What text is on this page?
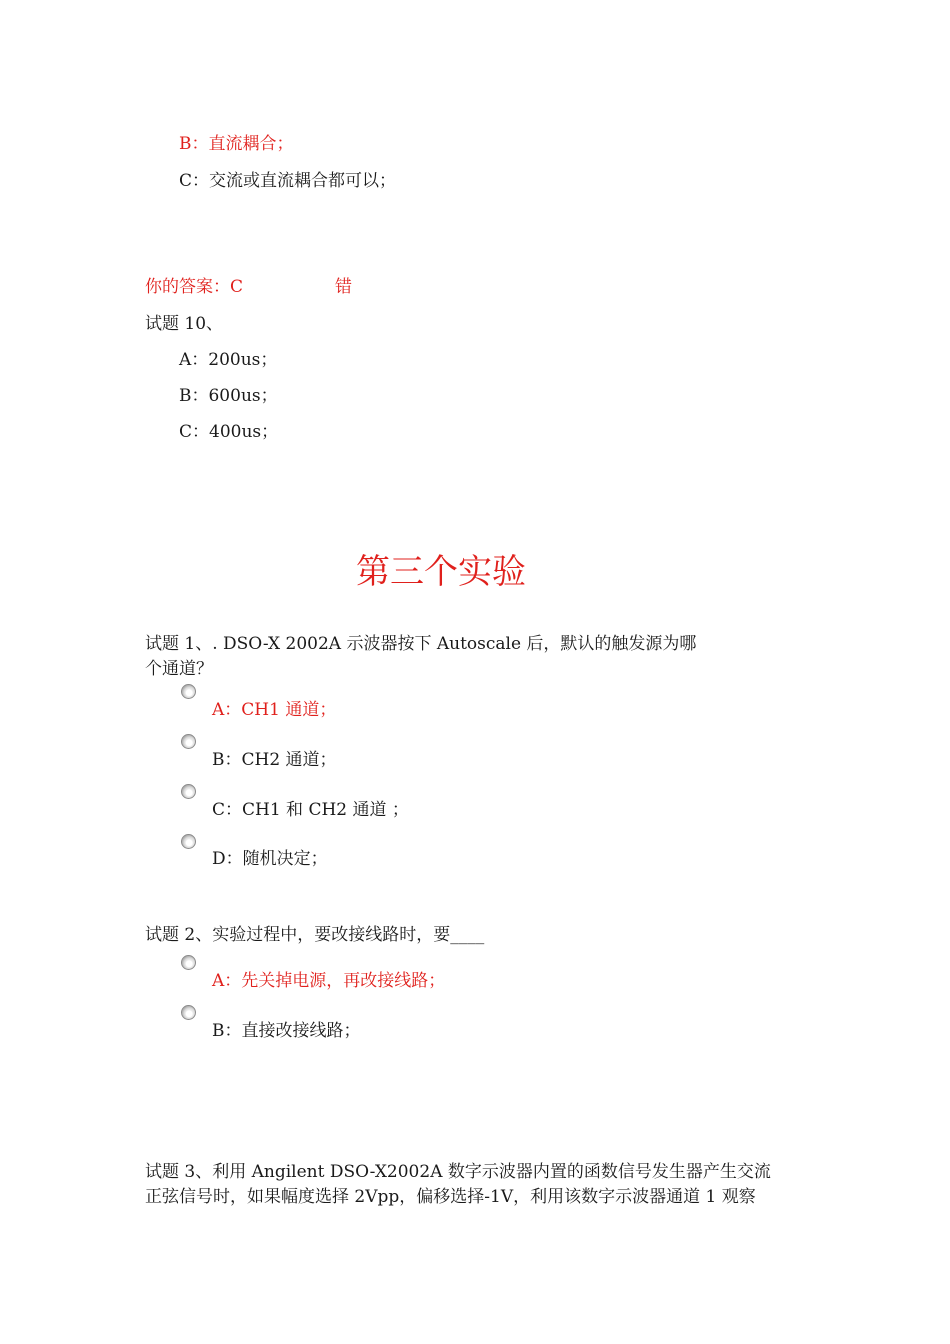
B：直流耦合；
C：交流或直流耦合都可以；
你的答案：C	错
试题 10、
A：200us；
B：600us；
C：400us；
第三个实验
试题 1、. DSO-X 2002A 示波器按下 Autoscale 后，默认的触发源为哪
个通道？
A：CH1 通道；
B：CH2 通道；
C：CH1 和 CH2 通道 ；
D：随机决定；
试题 2、实验过程中，要改接线路时，要____
A：先关掉电源，再改接线路；
B：直接改接线路；
试题 3、利用 Angilent DSO-X2002A 数字示波器内置的函数信号发生器产生交流
正弦信号时，如果幅度选择 2Vpp，偏移选择-1V，利用该数字示波器通道 1 观察
